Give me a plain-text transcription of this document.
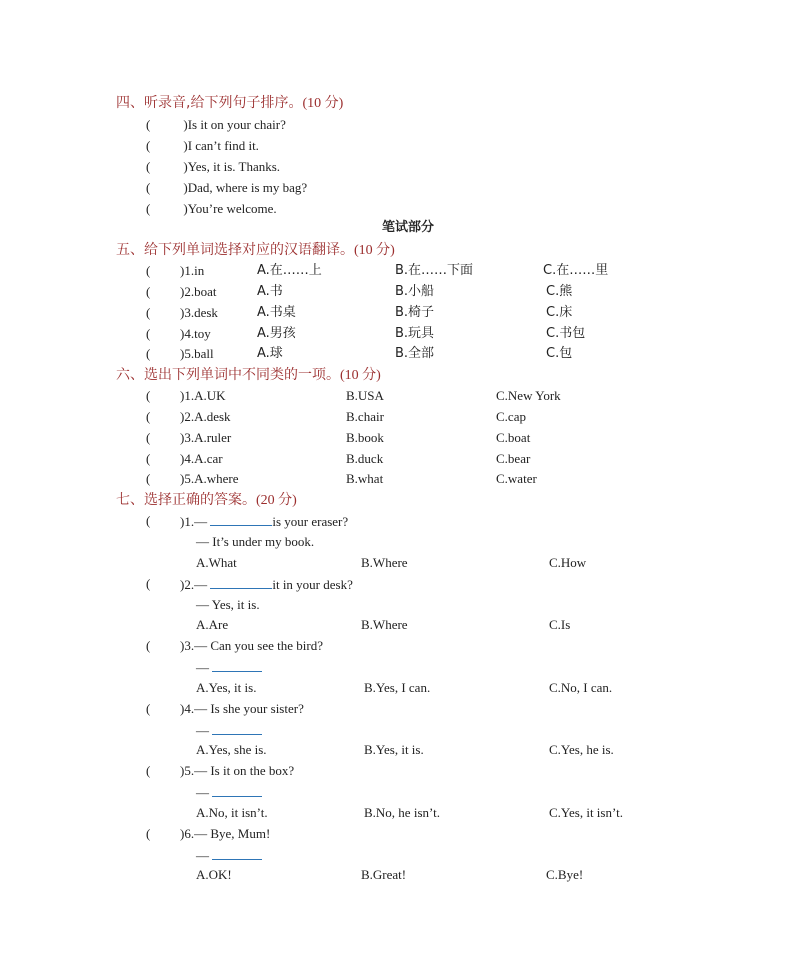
四、听录音,给下列句子排序。(10 分)
(	)Is it on your chair?
(	)I can’t find it.
(	)Yes, it is. Thanks.
(	)Dad, where is my bag?
(	)You’re welcome.
笔试部分
五、给下列单词选择对应的汉语翻译。(10 分)
( )1.in	A.在……上	B.在……下面	C.在……里
( )2.boat	A.书	B.小船	C.熊
( )3.desk	A.书桌	B.椅子	C.床
( )4.toy	A.男孩	B.玩具	C.书包
( )5.ball	A.球	B.全部	C.包
六、选出下列单词中不同类的一项。(10 分)
( )1.A.UK	B.USA	C.New York
( )2.A.desk	B.chair	C.cap
( )3.A.ruler	B.book	C.boat
( )4.A.car	B.duck	C.bear
( )5.A.where	B.what	C.water
七、选择正确的答案。(20 分)
( )1.—	is your eraser?
— It’s under my book.
A.What	B.Where	C.How
( )2.—	it in your desk?
— Yes, it is.
A.Are	B.Where	C.Is
( )3.— Can you see the bird?
—
A.Yes, it is.	B.Yes, I can.	C.No, I can.
( )4.— Is she your sister?
—
A.Yes, she is.	B.Yes, it is.	C.Yes, he is.
( )5.— Is it on the box?
—
A.No, it isn’t.	B.No, he isn’t.	C.Yes, it isn’t.
( )6.— Bye, Mum!
—
A.OK!	B.Great!	C.Bye!
